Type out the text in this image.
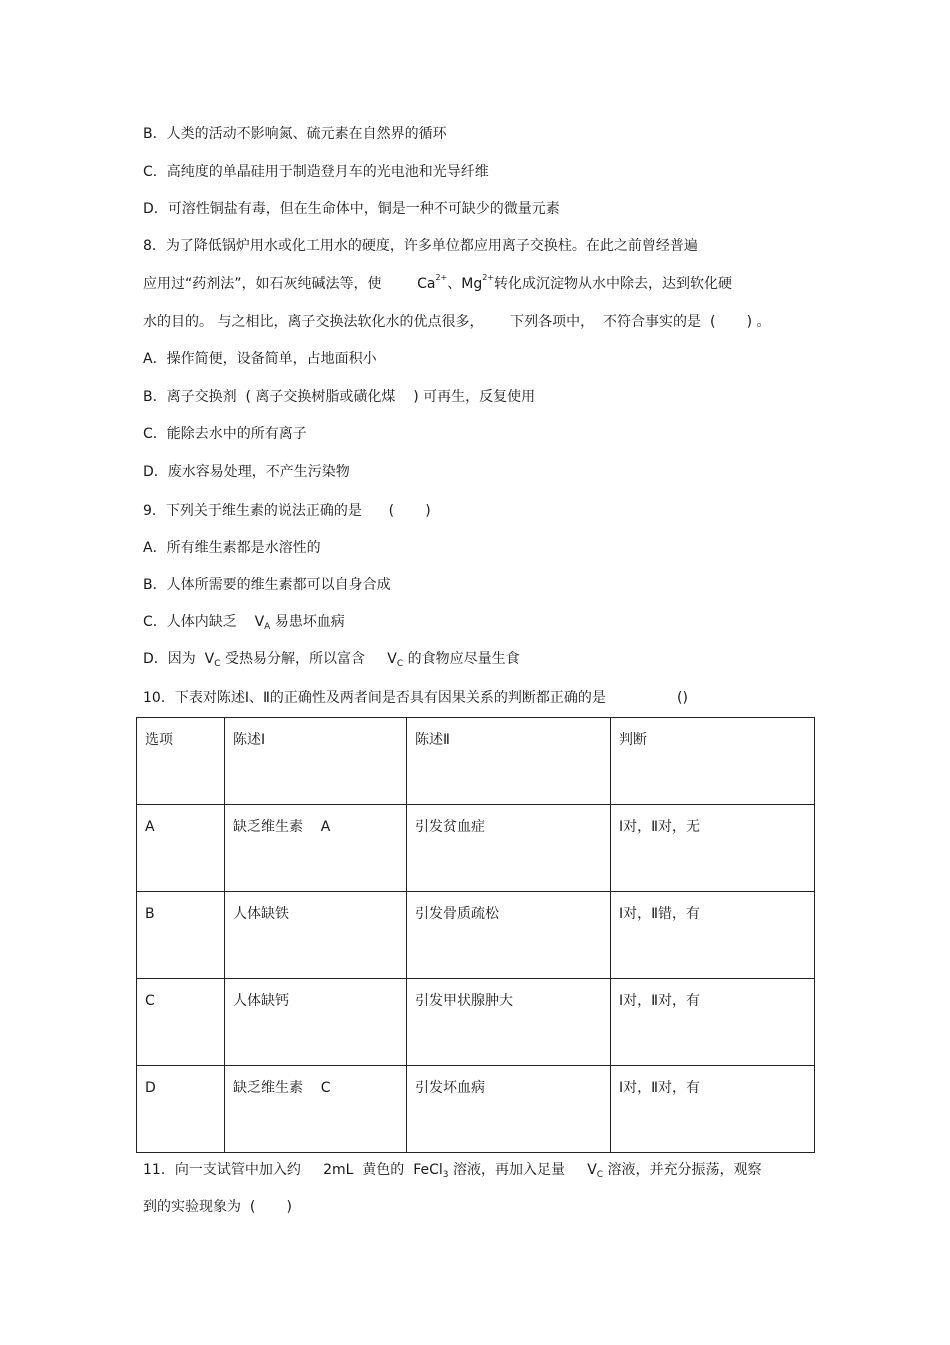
B．人类的活动不影响氮、硫元素在自然界的循环
C．高纯度的单晶硅用于制造登月车的光电池和光导纤维
D．可溶性铜盐有毒，但在生命体中，铜是一种不可缺少的微量元素
8．为了降低锅炉用水或化工用水的硬度，许多单位都应用离子交换柱。在此之前曾经普遍
应用过“药剂法”，如石灰纯碱法等，使        $Ca^{2+}$、$Mg^{2+}$转化成沉淀物从水中除去，达到软化硬
水的目的。 与之相比，离子交换法软化水的优点很多，      下列各项中，  不符合事实的是  (       ) 。
A．操作简便，设备简单，占地面积小
B．离子交换剂  ( 离子交换树脂或磺化煤    ) 可再生，反复使用
C．能除去水中的所有离子
D．废水容易处理，不产生污染物
9．下列关于维生素的说法正确的是      (       )
A．所有维生素都是水溶性的
B．人体所需要的维生素都可以自身合成
C．人体内缺乏    $V_A$ 易患坏血病
D．因为  $V_C$ 受热易分解，所以富含     $V_C$ 的食物应尽量生食
10．下表对陈述Ⅰ、Ⅱ的正确性及两者间是否具有因果关系的判断都正确的是                ()
选项	陈述Ⅰ	陈述Ⅱ	判断
A	缺乏维生素    A	引发贫血症	Ⅰ对，Ⅱ对，无
B	人体缺铁	引发骨质疏松	Ⅰ对，Ⅱ错，有
C	人体缺钙	引发甲状腺肿大	Ⅰ对，Ⅱ对，有
D	缺乏维生素    C	引发坏血病	Ⅰ对，Ⅱ对，有
11．向一支试管中加入约     2mL  黄色的  FeCl$_3$ 溶液，再加入足量     $V_C$ 溶液，并充分振荡，观察
到的实验现象为  (       )
